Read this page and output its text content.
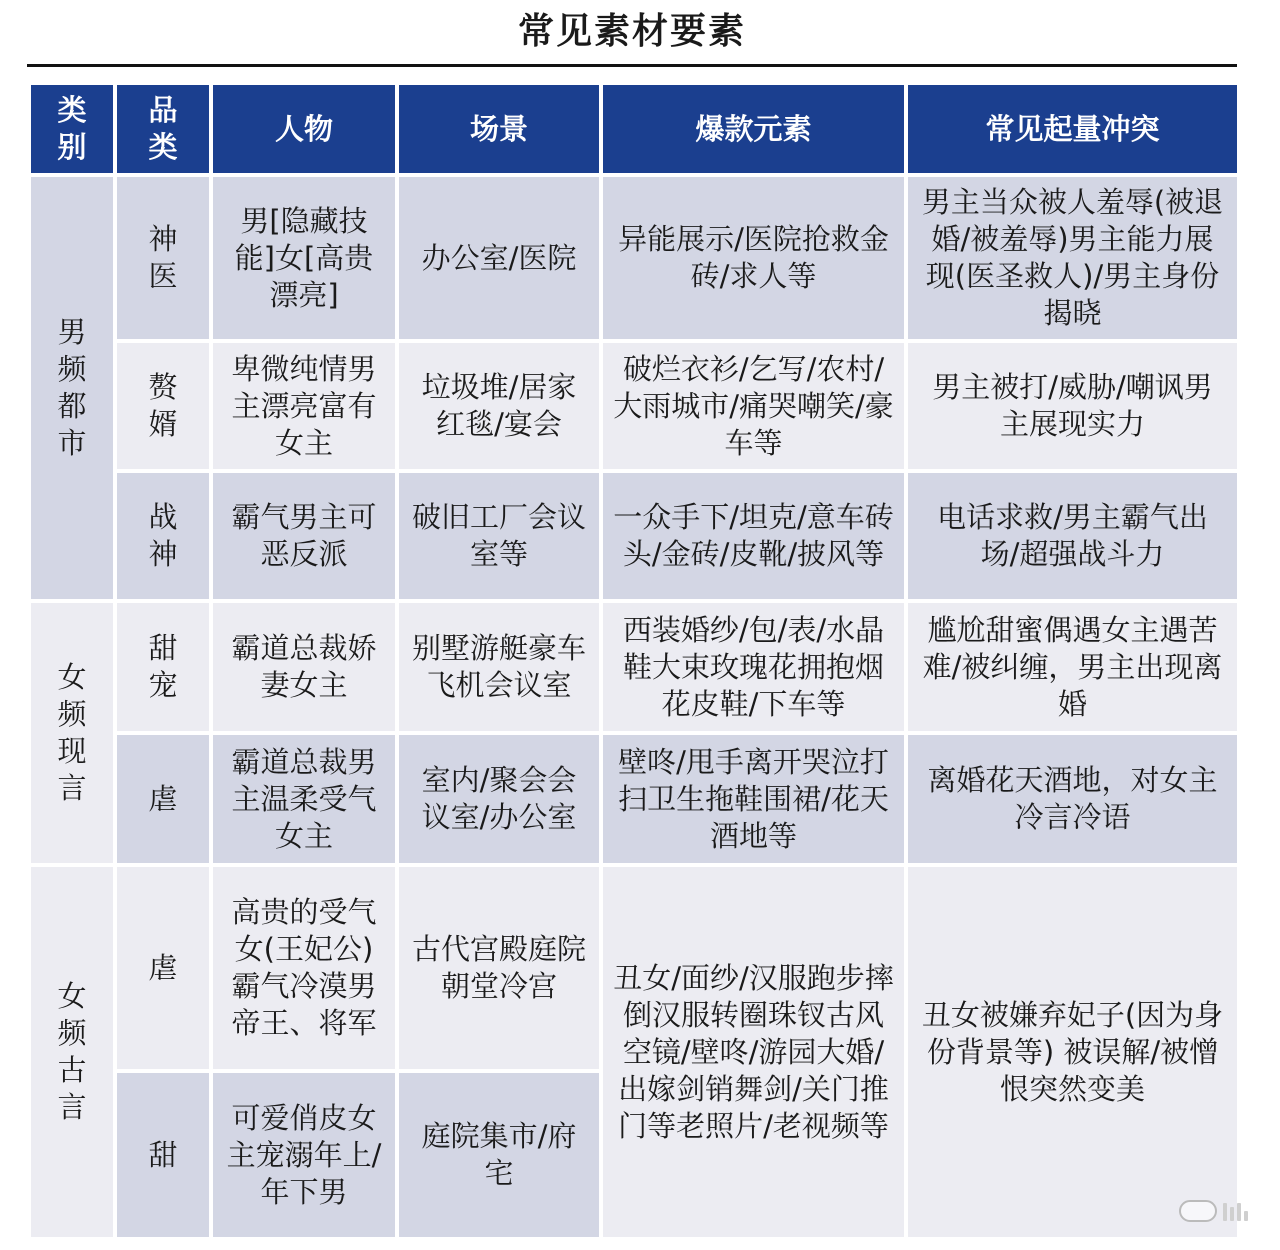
常见素材要素
类别	品类	人物	场景	爆款元素	常见起量冲突
男频都市	神医	男[隐藏技能]女[高贵漂亮]	办公室/医院	异能展示/医院抢救金砖/求人等	男主当众被人羞辱(被退婚/被羞辱)男主能力展现(医圣救人)/男主身份揭晓
	赘婿	卑微纯情男主漂亮富有女主	垃圾堆/居家红毯/宴会	破烂衣衫/乞写/农村/大雨城市/痛哭嘲笑/豪车等	男主被打/威胁/嘲讽男主展现实力
	战神	霸气男主可恶反派	破旧工厂会议室等	一众手下/坦克/意车砖头/金砖/皮靴/披风等	电话求救/男主霸气出场/超强战斗力
女频现言	甜宠	霸道总裁娇妻女主	别墅游艇豪车飞机会议室	西装婚纱/包/表/水晶鞋大束玫瑰花拥抱烟花皮鞋/下车等	尴尬甜蜜偶遇女主遇苦难/被纠缠，男主出现离婚
	虐	霸道总裁男主温柔受气女主	室内/聚会会议室/办公室	壁咚/甩手离开哭泣打扫卫生拖鞋围裙/花天酒地等	离婚花天酒地，对女主冷言冷语
女频古言	虐	高贵的受气女(王妃公)霸气冷漠男帝王、将军	古代宫殿庭院朝堂冷宫	丑女/面纱/汉服跑步摔倒汉服转圈珠钗古风空镜/壁咚/游园大婚/出嫁剑销舞剑/关门推门等老照片/老视频等	丑女被嫌弃妃子(因为身份背景等) 被误解/被憎恨突然变美
	甜	可爱俏皮女主宠溺年上/年下男	庭院集市/府宅		
